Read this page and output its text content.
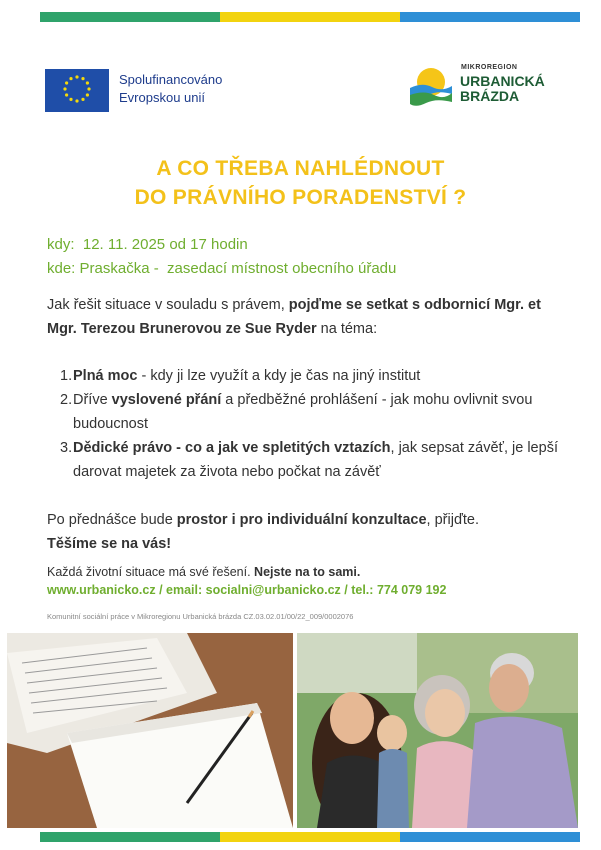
Spolufinancováno
Evropskou unií
MIKROREGION
URBANICKÁ
BRÁZDA
A CO TŘEBA NAHLÉDNOUT
DO PRÁVNÍHO PORADENSTVÍ ?
kdy: 12. 11. 2025 od 17 hodin
kde: Praskačka -  zasedací místnost obecního úřadu
Jak řešit situace v souladu s právem, pojďme se setkat s odbornicí Mgr. et Mgr. Terezou Brunerovou ze Sue Ryder na téma:
1. Plná moc - kdy ji lze využít a kdy je čas na jiný institut
2. Dříve vyslovené přání a předběžné prohlášení - jak mohu ovlivnit svou budoucnost
3. Dědické právo - co a jak ve spletitých vztazích, jak sepsat závěť, je lepší darovat majetek za života nebo počkat na závěť
Po přednášce bude prostor i pro individuální konzultace, přijďte.
Těšíme se na vás!
Každá životní situace má své řešení. Nejste na to sami.
www.urbanicko.cz / email: socialni@urbanicko.cz / tel.: 774 079 192
Komunitní sociální práce v Mikroregionu Urbanická brázda CZ.03.02.01/00/22_009/0002076
